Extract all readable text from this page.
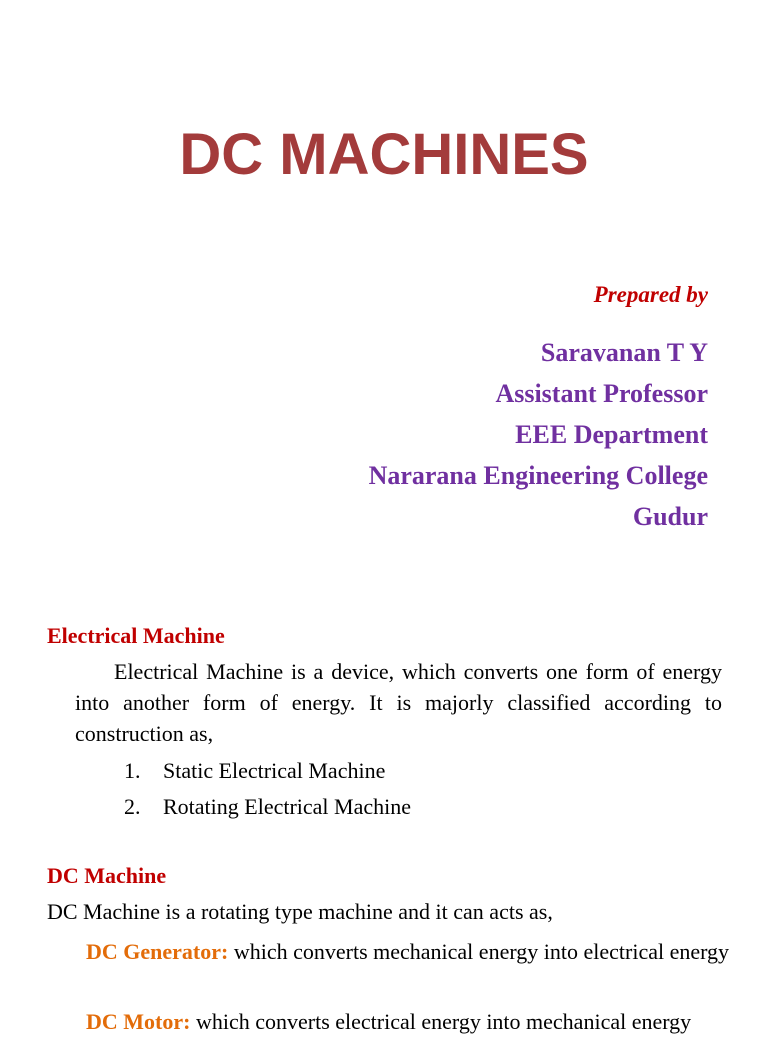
DC MACHINES
Prepared by
Saravanan T Y
Assistant Professor
EEE Department
Nararana Engineering College
Gudur
Electrical Machine

Electrical Machine is a device, which converts one form of energy into another form of energy. It is majorly classified according to construction as,

1. Static Electrical Machine
2. Rotating Electrical Machine
DC Machine

DC Machine is a rotating type machine and it can acts as,

DC Generator: which converts mechanical energy into electrical energy

DC Motor: which converts electrical energy into mechanical energy
